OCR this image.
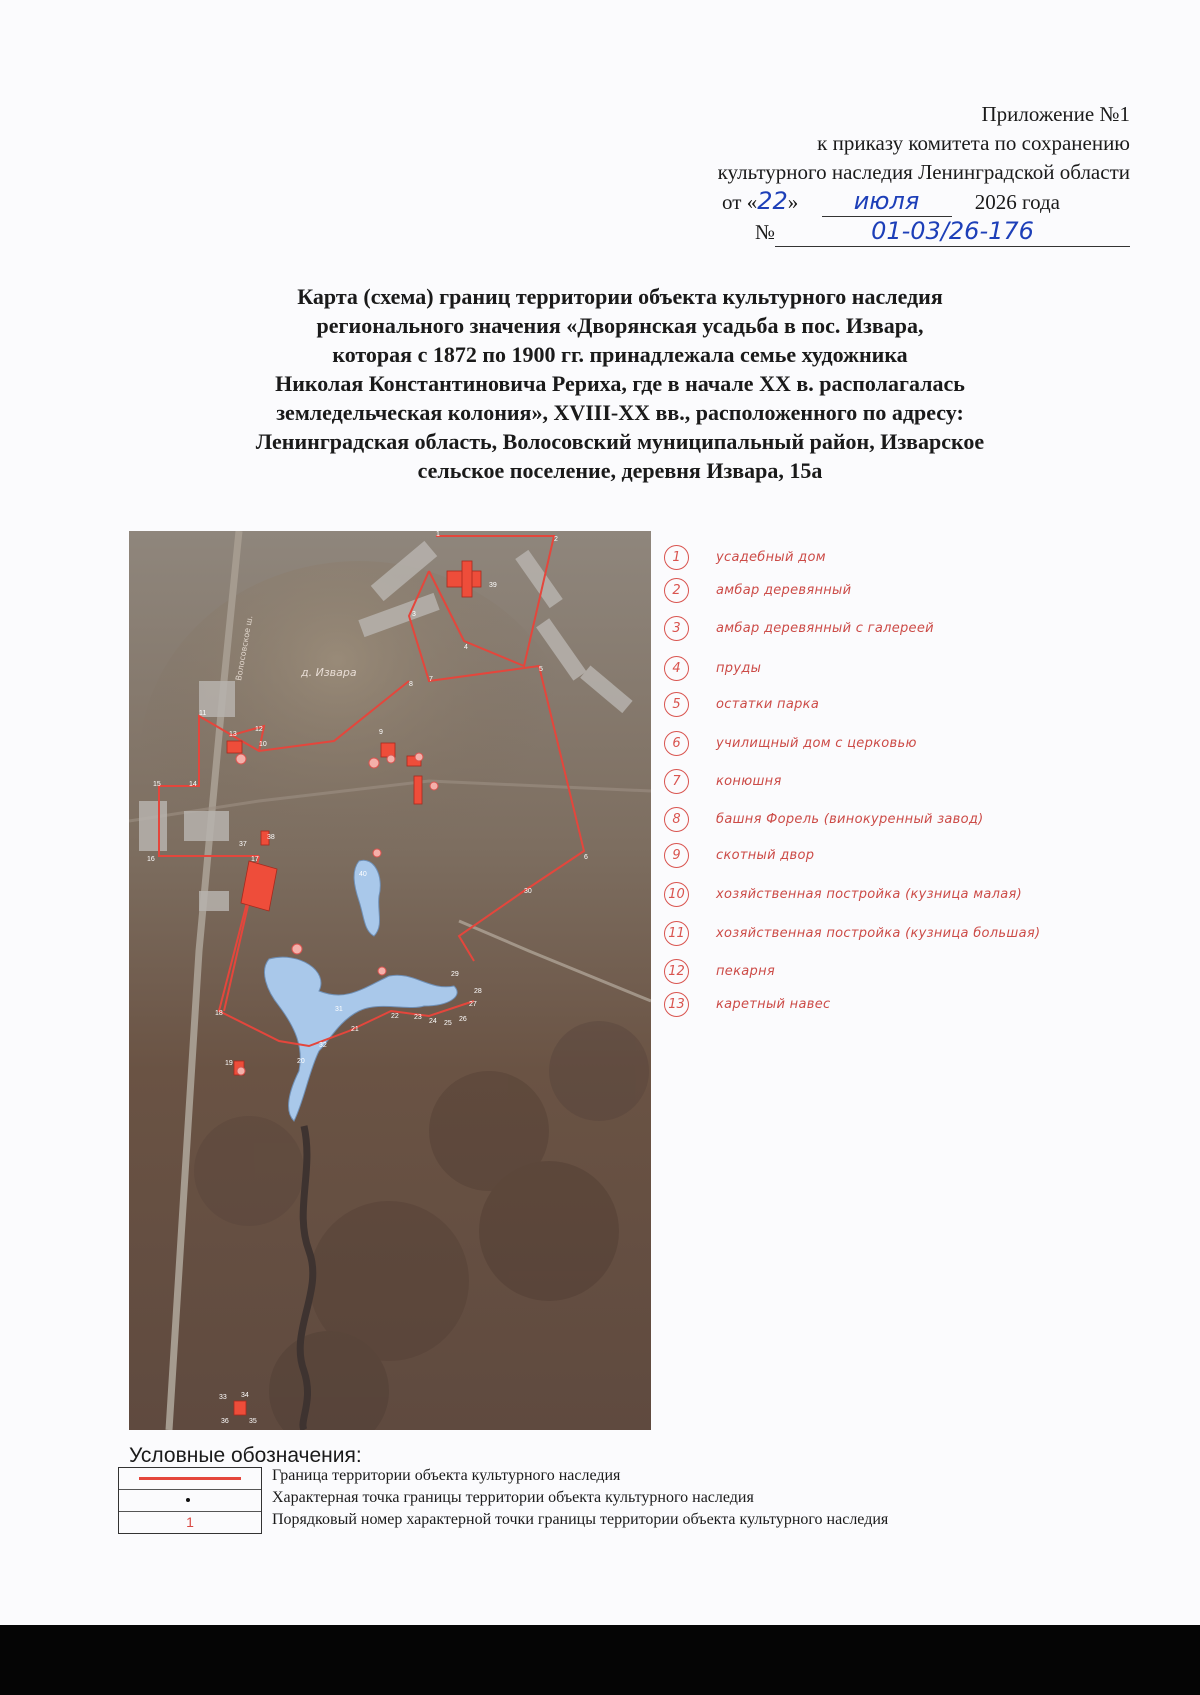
Приложение №1
к приказу комитета по сохранению
культурного наследия Ленинградской области
от «22» июля	2026 года
№	01-03/26-176
Карта (схема) границ территории объекта культурного наследия
регионального значения «Дворянская усадьба в пос. Извара,
которая с 1872 по 1900 гг. принадлежала семье художника
Николая Константиновича Рериха, где в начале XX в. располагалась
земледельческая колония», XVIII-XX вв., расположенного по адресу:
Ленинградская область, Волосовский муниципальный район, Изварское
сельское поселение, деревня Извара, 15а
д. Извара
Волосовское ш.
1
2
3
4
5
6
7
8
9
10
11
12
13
14
15
16	17
18
19	20
21
22 23
24 25
26
27
28
29
30
31
32
33 34
35
36
37
38
39
40
1	усадебный дом
2	амбар деревянный
3	амбар деревянный с галереей
4	пруды
5	остатки парка
6	училищный дом с церковью
7	конюшня
8	башня Форель (винокуренный завод)
9	скотный двор
10	хозяйственная постройка (кузница малая)
11	хозяйственная постройка (кузница большая)
12	пекарня
13	каретный навес
Условные обозначения:
1
Граница территории объекта культурного наследия
Характерная точка границы территории объекта культурного наследия
Порядковый номер характерной точки границы территории объекта культурного наследия
